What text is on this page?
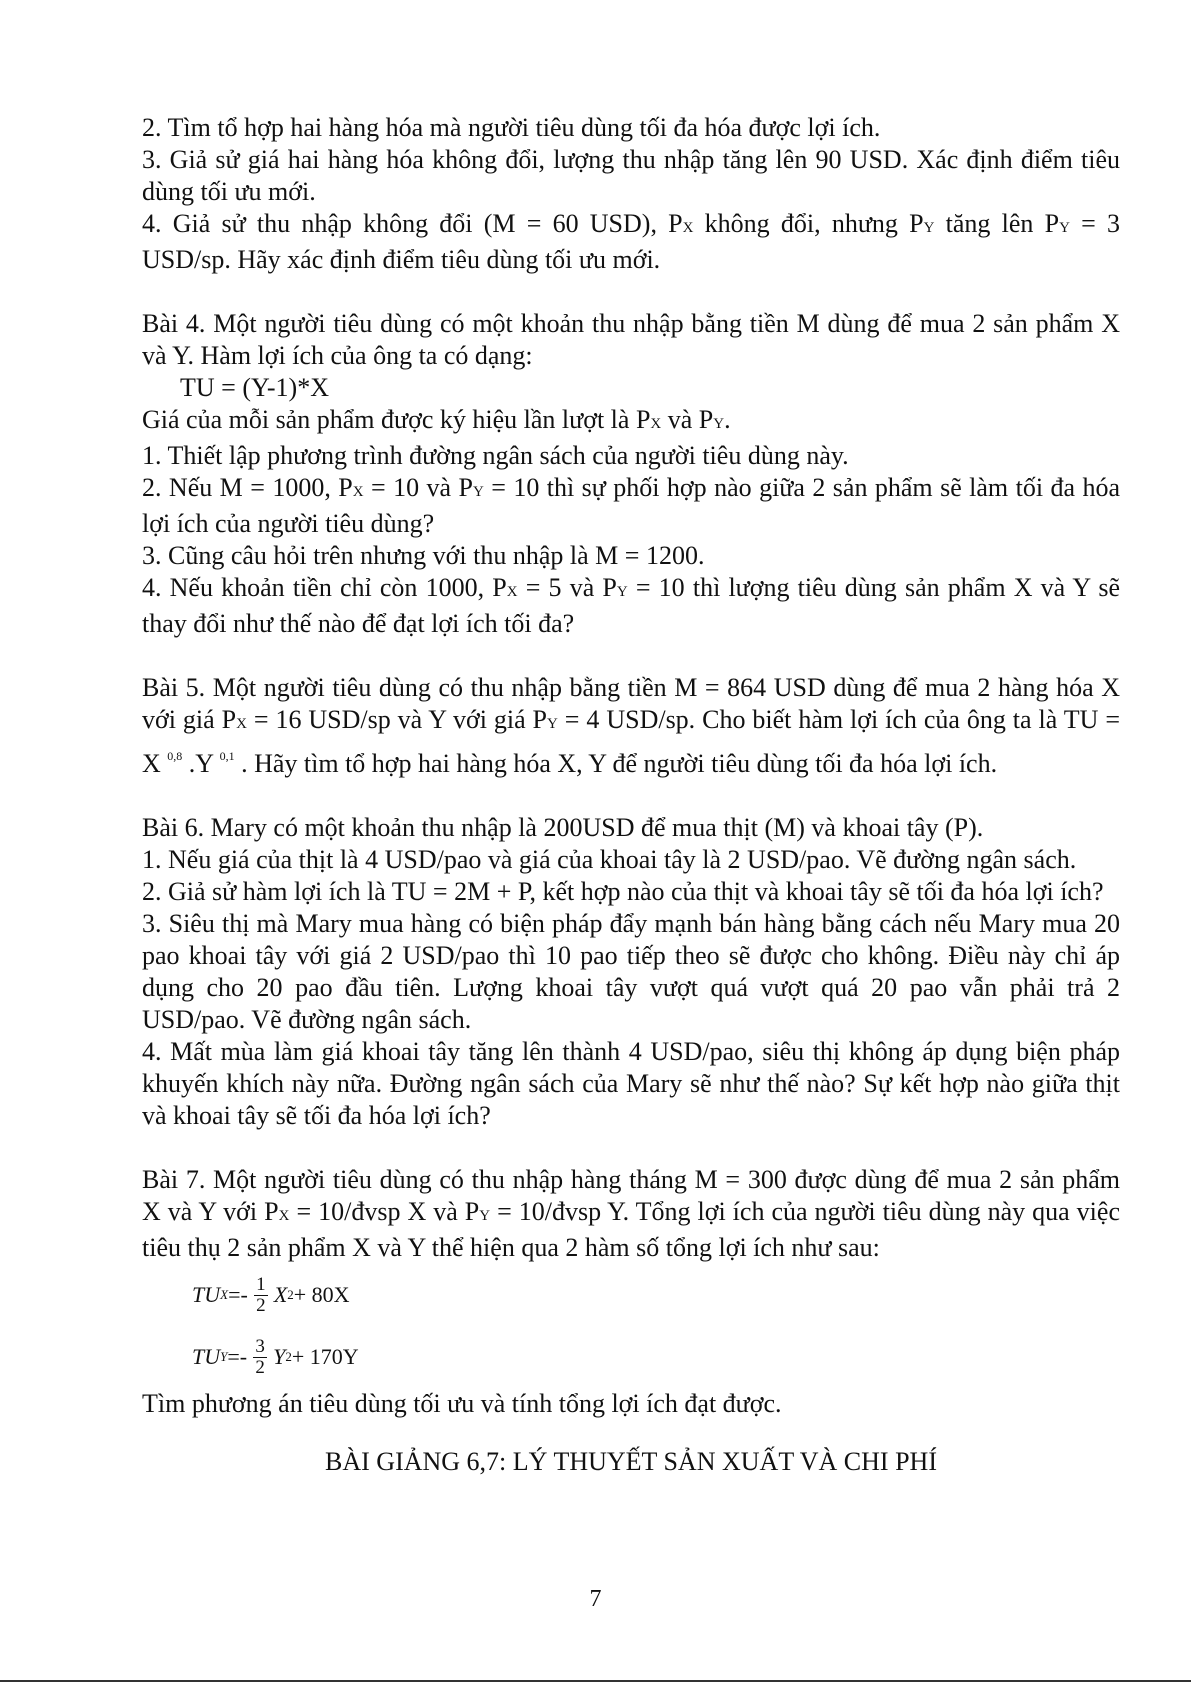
2. Tìm tổ hợp hai hàng hóa mà người tiêu dùng tối đa hóa được lợi ích.

3. Giả sử giá hai hàng hóa không đổi, lượng thu nhập tăng lên 90 USD. Xác định điểm tiêu dùng tối ưu mới.

4. Giả sử thu nhập không đổi (M = 60 USD), PX không đổi, nhưng PY tăng lên PY = 3 USD/sp. Hãy xác định điểm tiêu dùng tối ưu mới.

Bài 4. Một người tiêu dùng có một khoản thu nhập bằng tiền M dùng để mua 2 sản phẩm X và Y. Hàm lợi ích của ông ta có dạng:

TU = (Y-1)*X

Giá của mỗi sản phẩm được ký hiệu lần lượt là PX và PY.

1. Thiết lập phương trình đường ngân sách của người tiêu dùng này.

2. Nếu M = 1000, PX = 10 và PY = 10 thì sự phối hợp nào giữa 2 sản phẩm sẽ làm tối đa hóa lợi ích của người tiêu dùng?

3. Cũng câu hỏi trên nhưng với thu nhập là M = 1200.

4. Nếu khoản tiền chỉ còn 1000, PX = 5 và PY = 10 thì lượng tiêu dùng sản phẩm X và Y sẽ thay đổi như thế nào để đạt lợi ích tối đa?

Bài 5. Một người tiêu dùng có thu nhập bằng tiền M = 864 USD dùng để mua 2 hàng hóa X với giá PX = 16 USD/sp và Y với giá PY = 4 USD/sp. Cho biết hàm lợi ích của ông ta là TU = X $^{0,8}$ .Y $^{0,1}$ . Hãy tìm tổ hợp hai hàng hóa X, Y để người tiêu dùng tối đa hóa lợi ích.

Bài 6. Mary có một khoản thu nhập là 200USD để mua thịt (M) và khoai tây (P).

1. Nếu giá của thịt là 4 USD/pao và giá của khoai tây là 2 USD/pao. Vẽ đường ngân sách.

2. Giả sử hàm lợi ích là TU = 2M + P, kết hợp nào của thịt và khoai tây sẽ tối đa hóa lợi ích?

3. Siêu thị mà Mary mua hàng có biện pháp đẩy mạnh bán hàng bằng cách nếu Mary mua 20 pao khoai tây với giá 2 USD/pao thì 10 pao tiếp theo sẽ được cho không. Điều này chỉ áp dụng cho 20 pao đầu tiên. Lượng khoai tây vượt quá vượt quá 20 pao vẫn phải trả 2 USD/pao. Vẽ đường ngân sách.

4. Mất mùa làm giá khoai tây tăng lên thành 4 USD/pao, siêu thị không áp dụng biện pháp khuyến khích này nữa. Đường ngân sách của Mary sẽ như thế nào? Sự kết hợp nào giữa thịt và khoai tây sẽ tối đa hóa lợi ích?

Bài 7. Một người tiêu dùng có thu nhập hàng tháng M = 300 được dùng để mua 2 sản phẩm X và Y với PX = 10/đvsp X và PY = 10/đvsp Y. Tổng lợi ích của người tiêu dùng này qua việc tiêu thụ 2 sản phẩm X và Y thể hiện qua 2 hàm số tổng lợi ích như sau:

TU $X =- \frac{1}{2}$ X 2 + 80X
TU $Y =- \frac{3}{2}$ Y 2 + 170Y

Tìm phương án tiêu dùng tối ưu và tính tổng lợi ích đạt được.

BÀI GIẢNG 6,7: LÝ THUYẾT SẢN XUẤT VÀ CHI PHÍ
7
